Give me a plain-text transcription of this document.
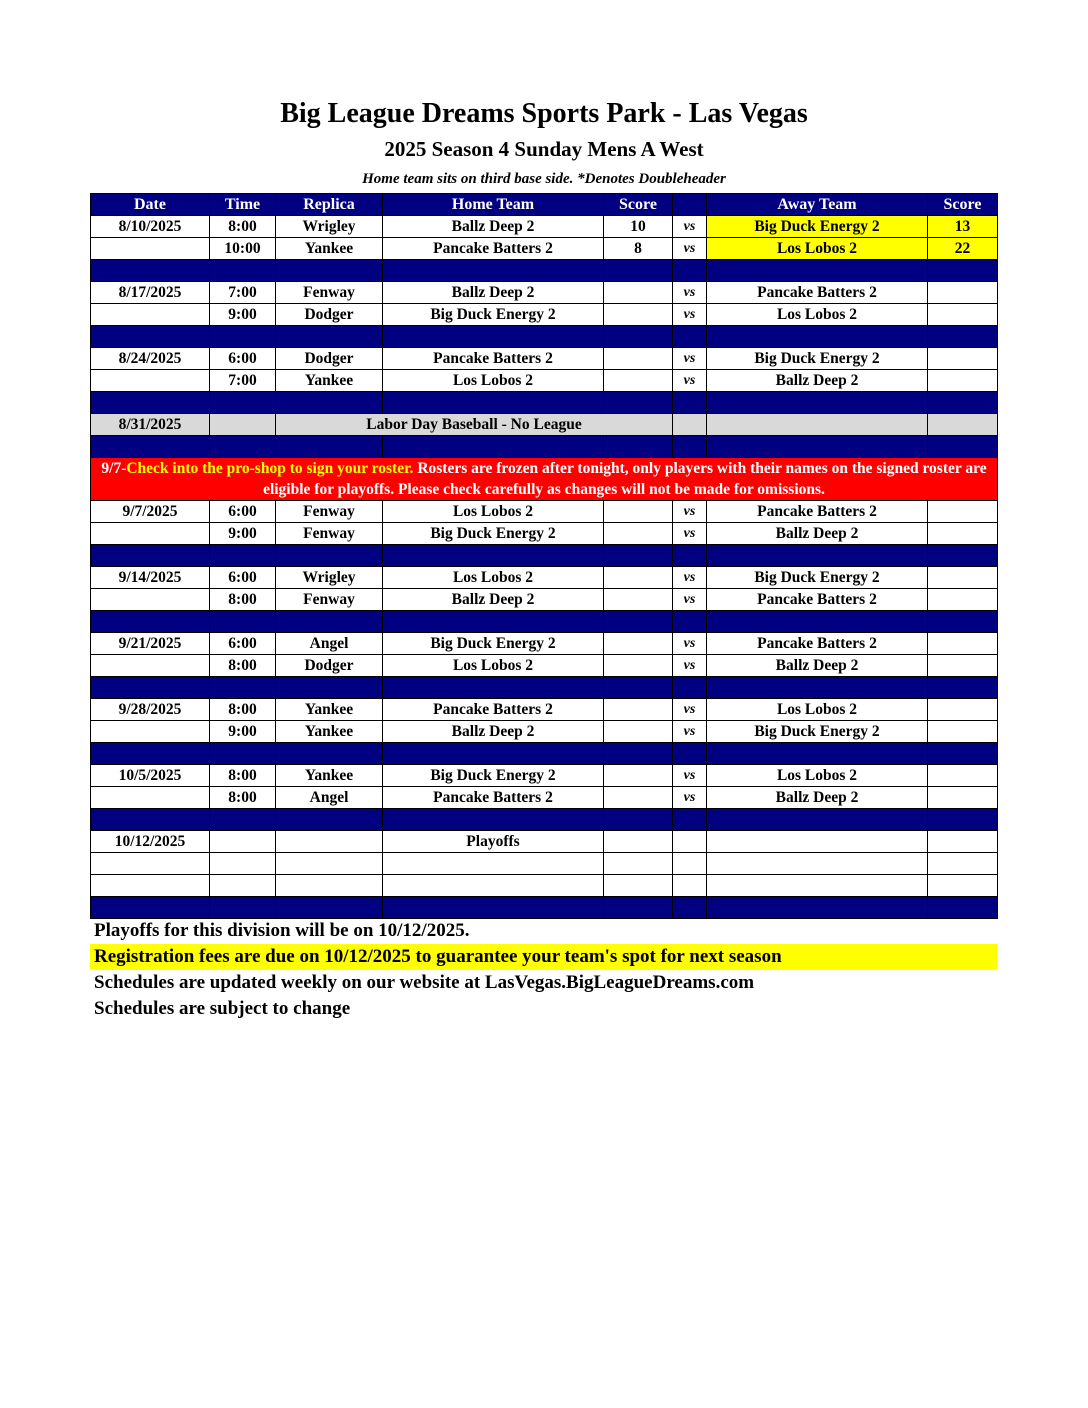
Big League Dreams Sports Park - Las Vegas
2025 Season 4 Sunday Mens A West
Home team sits on third base side. *Denotes Doubleheader
Date	Time	Replica	Home Team	Score		Away Team	Score
8/10/2025	8:00	Wrigley	Ballz Deep 2	10	vs	Big Duck Energy 2	13
	10:00	Yankee	Pancake Batters 2	8	vs	Los Lobos 2	22

8/17/2025	7:00	Fenway	Ballz Deep 2		vs	Pancake Batters 2	
	9:00	Dodger	Big Duck Energy 2		vs	Los Lobos 2	

8/24/2025	6:00	Dodger	Pancake Batters 2		vs	Big Duck Energy 2	
	7:00	Yankee	Los Lobos 2		vs	Ballz Deep 2	

8/31/2025		Labor Day Baseball - No League					

9/7-Check into the pro-shop to sign your roster. Rosters are frozen after tonight, only players with their names on the signed roster are eligible for playoffs. Please check carefully as changes will not be made for omissions.							
9/7/2025	6:00	Fenway	Los Lobos 2		vs	Pancake Batters 2	
	9:00	Fenway	Big Duck Energy 2		vs	Ballz Deep 2	

9/14/2025	6:00	Wrigley	Los Lobos 2		vs	Big Duck Energy 2	
	8:00	Fenway	Ballz Deep 2		vs	Pancake Batters 2	

9/21/2025	6:00	Angel	Big Duck Energy 2		vs	Pancake Batters 2	
	8:00	Dodger	Los Lobos 2		vs	Ballz Deep 2	

9/28/2025	8:00	Yankee	Pancake Batters 2		vs	Los Lobos 2	
	9:00	Yankee	Ballz Deep 2		vs	Big Duck Energy 2	

10/5/2025	8:00	Yankee	Big Duck Energy 2		vs	Los Lobos 2	
	8:00	Angel	Pancake Batters 2		vs	Ballz Deep 2	

10/12/2025			Playoffs				

Playoffs for this division will be on 10/12/2025.
Registration fees are due on 10/12/2025 to guarantee your team's spot for next season
Schedules are updated weekly on our website at LasVegas.BigLeagueDreams.com
Schedules are subject to change
